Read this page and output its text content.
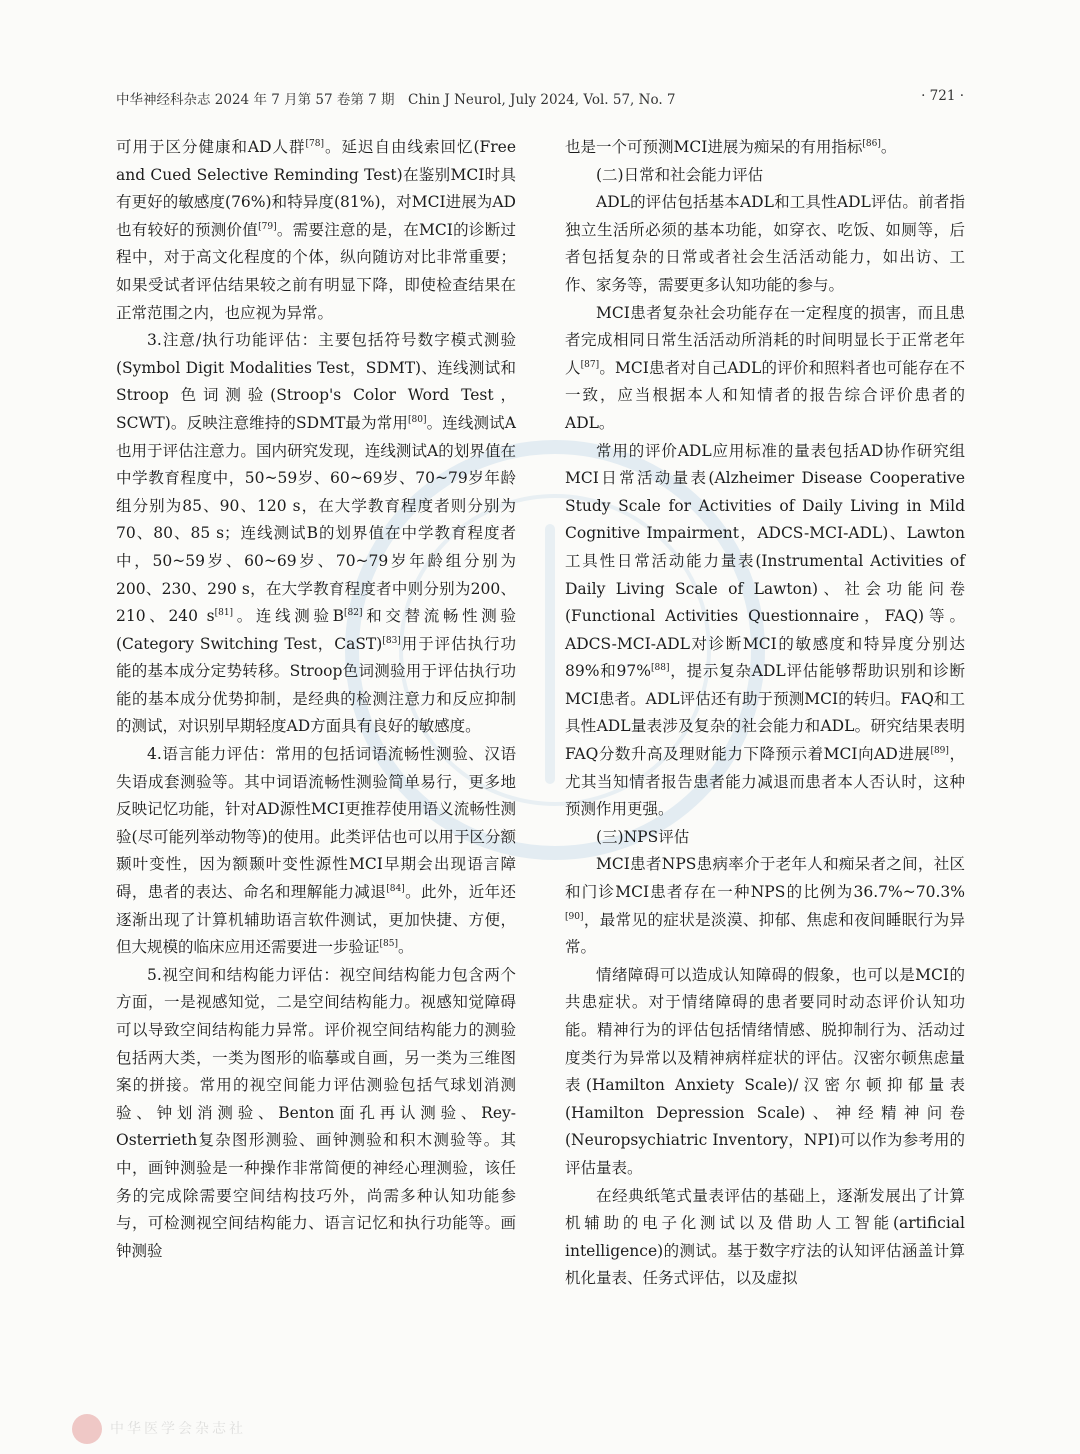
中华神经科杂志 2024 年 7 月第 57 卷第 7 期　Chin J Neurol, July 2024, Vol. 57, No. 7	· 721 ·

可用于区分健康和AD人群[78]。延迟自由线索回忆(Free and Cued Selective Reminding Test)在鉴别MCI时具有更好的敏感度(76%)和特异度(81%)，对MCI进展为AD也有较好的预测价值[79]。需要注意的是，在MCI的诊断过程中，对于高文化程度的个体，纵向随访对比非常重要；如果受试者评估结果较之前有明显下降，即使检查结果在正常范围之内，也应视为异常。

3.注意/执行功能评估：主要包括符号数字模式测验(Symbol Digit Modalities Test，SDMT)、连线测试和 Stroop 色词测验(Stroop's Color Word Test，SCWT)。反映注意维持的SDMT最为常用[80]。连线测试A也用于评估注意力。国内研究发现，连线测试A的划界值在中学教育程度中，50~59岁、60~69岁、70~79岁年龄组分别为85、90、120 s，在大学教育程度者则分别为70、80、85 s；连线测试B的划界值在中学教育程度者中，50~59岁、60~69岁、70~79岁年龄组分别为200、230、290 s，在大学教育程度者中则分别为200、210、240 s[81]。连线测验B[82]和交替流畅性测验(Category Switching Test，CaST)[83]用于评估执行功能的基本成分定势转移。Stroop色词测验用于评估执行功能的基本成分优势抑制，是经典的检测注意力和反应抑制的测试，对识别早期轻度AD方面具有良好的敏感度。

4.语言能力评估：常用的包括词语流畅性测验、汉语失语成套测验等。其中词语流畅性测验简单易行，更多地反映记忆功能，针对AD源性MCI更推荐使用语义流畅性测验(尽可能列举动物等)的使用。此类评估也可以用于区分额颞叶变性，因为额颞叶变性源性MCI早期会出现语言障碍，患者的表达、命名和理解能力减退[84]。此外，近年还逐渐出现了计算机辅助语言软件测试，更加快捷、方便，但大规模的临床应用还需要进一步验证[85]。

5.视空间和结构能力评估：视空间结构能力包含两个方面，一是视感知觉，二是空间结构能力。视感知觉障碍可以导致空间结构能力异常。评价视空间结构能力的测验包括两大类，一类为图形的临摹或自画，另一类为三维图案的拼接。常用的视空间能力评估测验包括气球划消测验、钟划消测验、Benton面孔再认测验、Rey-Osterrieth复杂图形测验、画钟测验和积木测验等。其中，画钟测验是一种操作非常简便的神经心理测验，该任务的完成除需要空间结构技巧外，尚需多种认知功能参与，可检测视空间结构能力、语言记忆和执行功能等。画钟测验

也是一个可预测MCI进展为痴呆的有用指标[86]。

(二)日常和社会能力评估

ADL的评估包括基本ADL和工具性ADL评估。前者指独立生活所必须的基本功能，如穿衣、吃饭、如厕等，后者包括复杂的日常或者社会生活活动能力，如出访、工作、家务等，需要更多认知功能的参与。

MCI患者复杂社会功能存在一定程度的损害，而且患者完成相同日常生活活动所消耗的时间明显长于正常老年人[87]。MCI患者对自己ADL的评价和照料者也可能存在不一致，应当根据本人和知情者的报告综合评价患者的ADL。

常用的评价ADL应用标准的量表包括AD协作研究组MCI日常活动量表(Alzheimer Disease Cooperative Study Scale for Activities of Daily Living in Mild Cognitive Impairment，ADCS-MCI-ADL)、Lawton工具性日常活动能力量表(Instrumental Activities of Daily Living Scale of Lawton)、社会功能问卷(Functional Activities Questionnaire，FAQ)等。ADCS-MCI-ADL对诊断MCI的敏感度和特异度分别达89%和97%[88]，提示复杂ADL评估能够帮助识别和诊断MCI患者。ADL评估还有助于预测MCI的转归。FAQ和工具性ADL量表涉及复杂的社会能力和ADL。研究结果表明FAQ分数升高及理财能力下降预示着MCI向AD进展[89]，尤其当知情者报告患者能力减退而患者本人否认时，这种预测作用更强。

(三)NPS评估

MCI患者NPS患病率介于老年人和痴呆者之间，社区和门诊MCI患者存在一种NPS的比例为36.7%~70.3%[90]，最常见的症状是淡漠、抑郁、焦虑和夜间睡眠行为异常。

情绪障碍可以造成认知障碍的假象，也可以是MCI的共患症状。对于情绪障碍的患者要同时动态评价认知功能。精神行为的评估包括情绪情感、脱抑制行为、活动过度类行为异常以及精神病样症状的评估。汉密尔顿焦虑量表(Hamilton Anxiety Scale)/汉密尔顿抑郁量表(Hamilton Depression Scale)、神经精神问卷(Neuropsychiatric Inventory，NPI)可以作为参考用的评估量表。

在经典纸笔式量表评估的基础上，逐渐发展出了计算机辅助的电子化测试以及借助人工智能(artificial intelligence)的测试。基于数字疗法的认知评估涵盖计算机化量表、任务式评估，以及虚拟

中华医学会杂志社
